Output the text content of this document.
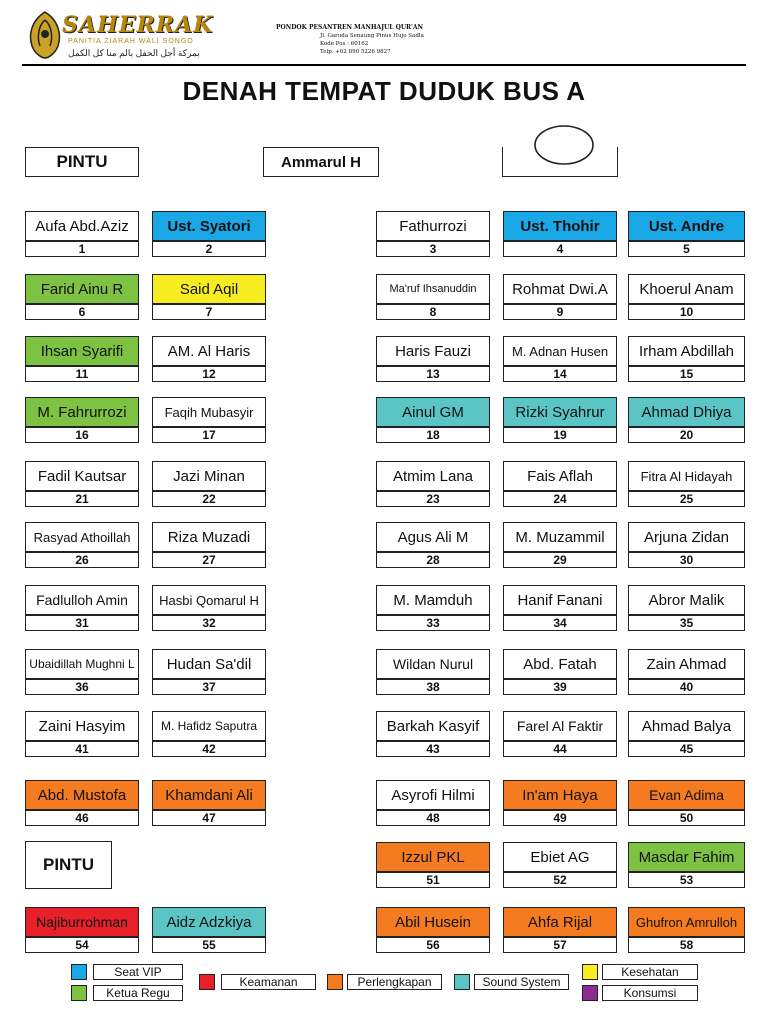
SAHERRAK
PANITIA ZIARAH WALI SONGO
بمركة أجل الحفل بالم منا كل الكمل
PONDOK PESANTREN MANHAJUL QUR'AN
Jl. Garuda Senaung Pinus Hujo Sadla
Kode Pos : 60162
Telp. +62 890 5226 9827
DENAH TEMPAT DUDUK BUS A
PINTU	Ammarul H
PINTU
Aufa Abd.Aziz
1
Ust. Syatori
2
Fathurrozi
3
Ust. Thohir
4
Ust. Andre
5
Farid Ainu R
6
Said Aqil
7
Ma'ruf Ihsanuddin
8
Rohmat Dwi.A
9
Khoerul Anam
10
Ihsan Syarifi
11
AM. Al Haris
12
Haris Fauzi
13
M. Adnan Husen
14
Irham Abdillah
15
M. Fahrurrozi
16
Faqih Mubasyir
17
Ainul GM
18
Rizki Syahrur
19
Ahmad Dhiya
20
Fadil Kautsar
21
Jazi Minan
22
Atmim Lana
23
Fais Aflah
24
Fitra Al Hidayah
25
Rasyad Athoillah
26
Riza Muzadi
27
Agus Ali M
28
M. Muzammil
29
Arjuna Zidan
30
Fadlulloh Amin
31
Hasbi Qomarul H
32
M. Mamduh
33
Hanif Fanani
34
Abror Malik
35
Ubaidillah Mughni L
36
Hudan Sa'dil
37
Wildan Nurul
38
Abd. Fatah
39
Zain Ahmad
40
Zaini Hasyim
41
M. Hafidz Saputra
42
Barkah Kasyif
43
Farel Al Faktir
44
Ahmad Balya
45
Abd. Mustofa
46
Khamdani Ali
47
Asyrofi Hilmi
48
In'am Haya
49
Evan Adima
50
Izzul PKL
51
Ebiet AG
52
Masdar Fahim
53
Najiburrohman
54
Aidz Adzkiya
55
Abil Husein
56
Ahfa Rijal
57
Ghufron Amrulloh
58
Seat VIP
Ketua Regu
Keamanan	Perlengkapan	Sound System
Kesehatan
Konsumsi
